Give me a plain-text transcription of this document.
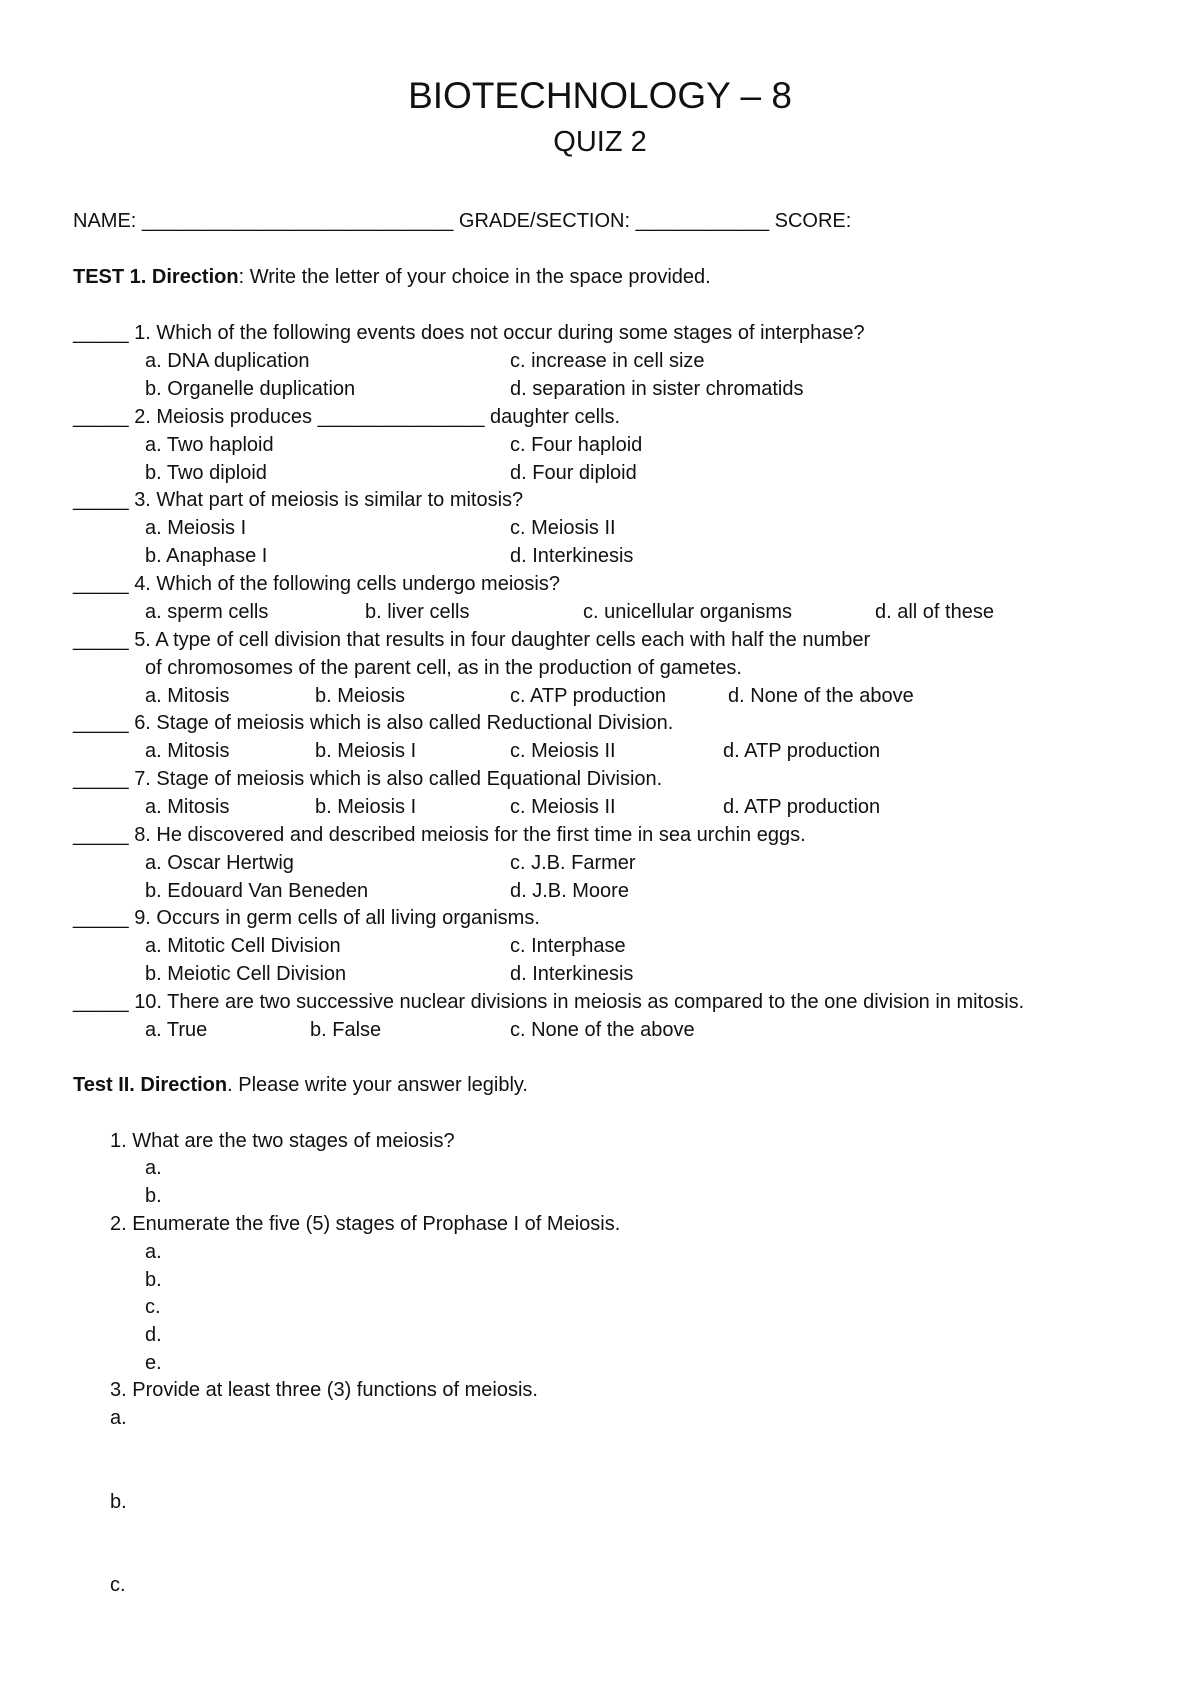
BIOTECHNOLOGY – 8
QUIZ 2
NAME: ____________________________ GRADE/SECTION: ____________ SCORE:
TEST 1. Direction: Write the letter of your choice in the space provided.
_____ 1. Which of the following events does not occur during some stages of interphase?
a. DNA duplication	c. increase in cell size
b. Organelle duplication	d. separation in sister chromatids
_____ 2. Meiosis produces _______________ daughter cells.
a. Two haploid	c. Four haploid
b. Two diploid	d. Four diploid
_____ 3. What part of meiosis is similar to mitosis?
a. Meiosis I	c. Meiosis II
b. Anaphase I	d. Interkinesis
_____ 4. Which of the following cells undergo meiosis?
a. sperm cells	b. liver cells	c. unicellular organisms	d. all of these
_____ 5. A type of cell division that results in four daughter cells each with half the number
of chromosomes of the parent cell, as in the production of gametes.
a. Mitosis	b. Meiosis	c. ATP production	d. None of the above
_____ 6. Stage of meiosis which is also called Reductional Division.
a. Mitosis	b. Meiosis I	c. Meiosis II	d. ATP production
_____ 7. Stage of meiosis which is also called Equational Division.
a. Mitosis	b. Meiosis I	c. Meiosis II	d. ATP production
_____ 8. He discovered and described meiosis for the first time in sea urchin eggs.
a. Oscar Hertwig	c. J.B. Farmer
b. Edouard Van Beneden	d. J.B. Moore
_____ 9. Occurs in germ cells of all living organisms.
a. Mitotic Cell Division	c. Interphase
b. Meiotic Cell Division	d. Interkinesis
_____ 10. There are two successive nuclear divisions in meiosis as compared to the one division in mitosis.
a. True	b. False	c. None of the above
Test II. Direction. Please write your answer legibly.
1. What are the two stages of meiosis?
a.
b.
2. Enumerate the five (5) stages of Prophase I of Meiosis.
a.
b.
c.
d.
e.
3. Provide at least three (3) functions of meiosis.
a.
b.
c.
